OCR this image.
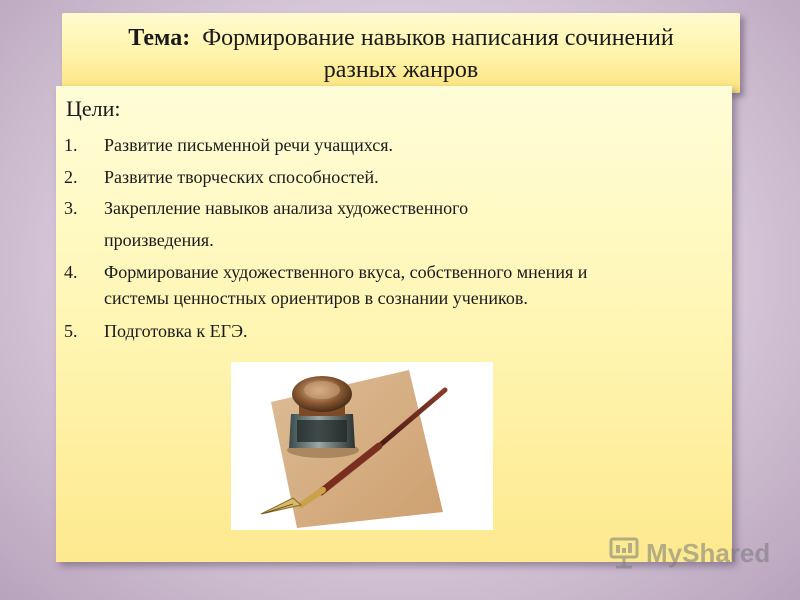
Тема: Формирование навыков написания сочинений
разных жанров
Цели:
1.	Развитие письменной речи учащихся.
2.	Развитие творческих способностей.
3.	Закрепление навыков анализа художественного
произведения.
4.	Формирование художественного вкуса, собственного мнения и
системы ценностных ориентиров в сознании учеников.
5.	Подготовка к ЕГЭ.
MyShared
